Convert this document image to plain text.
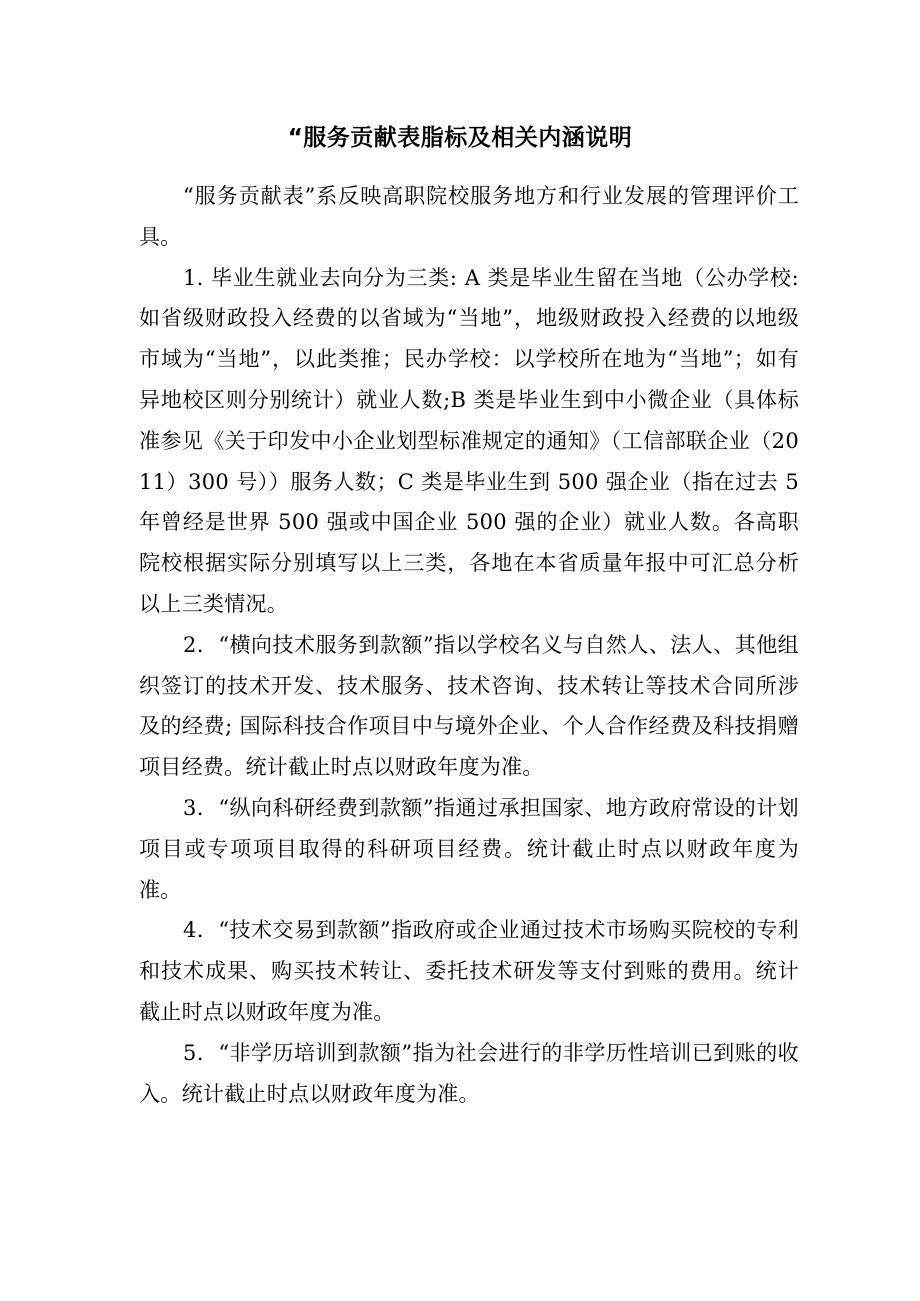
“服务贡献表脂标及相关内涵说明

“服务贡献表”系反映高职院校服务地方和行业发展的管理评价工具。

1. 毕业生就业去向分为三类: A 类是毕业生留在当地（公办学校: 如省级财政投入经费的以省域为“当地”，地级财政投入经费的以地级市域为“当地”，以此类推；民办学校：以学校所在地为“当地”；如有异地校区则分别统计）就业人数;B 类是毕业生到中小微企业（具体标准参见《关于印发中小企业划型标准规定的通知》（工信部联企业（2011）300 号））服务人数；C 类是毕业生到 500 强企业（指在过去 5 年曾经是世界 500 强或中国企业 500 强的企业）就业人数。各高职院校根据实际分别填写以上三类，各地在本省质量年报中可汇总分析以上三类情况。

2．“横向技术服务到款额”指以学校名义与自然人、法人、其他组织签订的技术开发、技术服务、技术咨询、技术转让等技术合同所涉及的经费; 国际科技合作项目中与境外企业、个人合作经费及科技捐赠项目经费。统计截止时点以财政年度为准。

3．“纵向科研经费到款额”指通过承担国家、地方政府常设的计划项目或专项项目取得的科研项目经费。统计截止时点以财政年度为准。

4．“技术交易到款额”指政府或企业通过技术市场购买院校的专利和技术成果、购买技术转让、委托技术研发等支付到账的费用。统计截止时点以财政年度为准。

5．“非学历培训到款额”指为社会进行的非学历性培训已到账的收入。统计截止时点以财政年度为准。
